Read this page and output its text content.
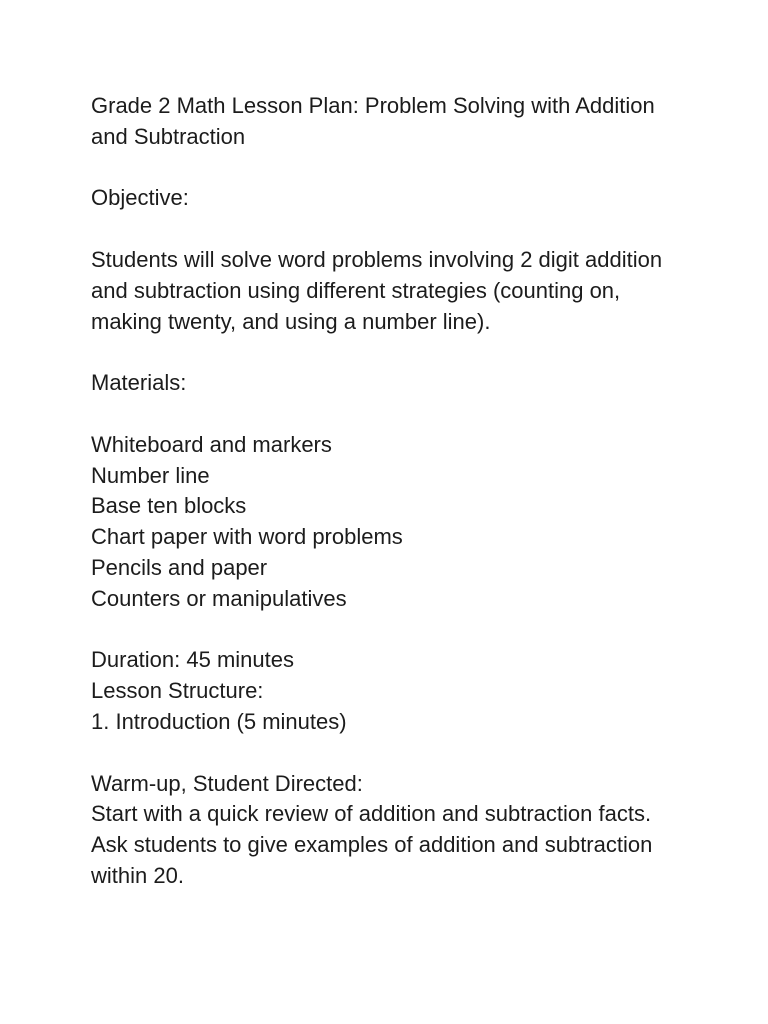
Grade 2 Math Lesson Plan: Problem Solving with Addition and Subtraction

Objective:

Students will solve word problems involving 2 digit addition and subtraction using different strategies (counting on, making twenty, and using a number line).

Materials:

Whiteboard and markers

Number line

Base ten blocks

Chart paper with word problems

Pencils and paper

Counters or manipulatives

Duration: 45 minutes

Lesson Structure:

1. Introduction (5 minutes)

Warm-up, Student Directed:

Start with a quick review of addition and subtraction facts. Ask students to give examples of addition and subtraction within 20.
